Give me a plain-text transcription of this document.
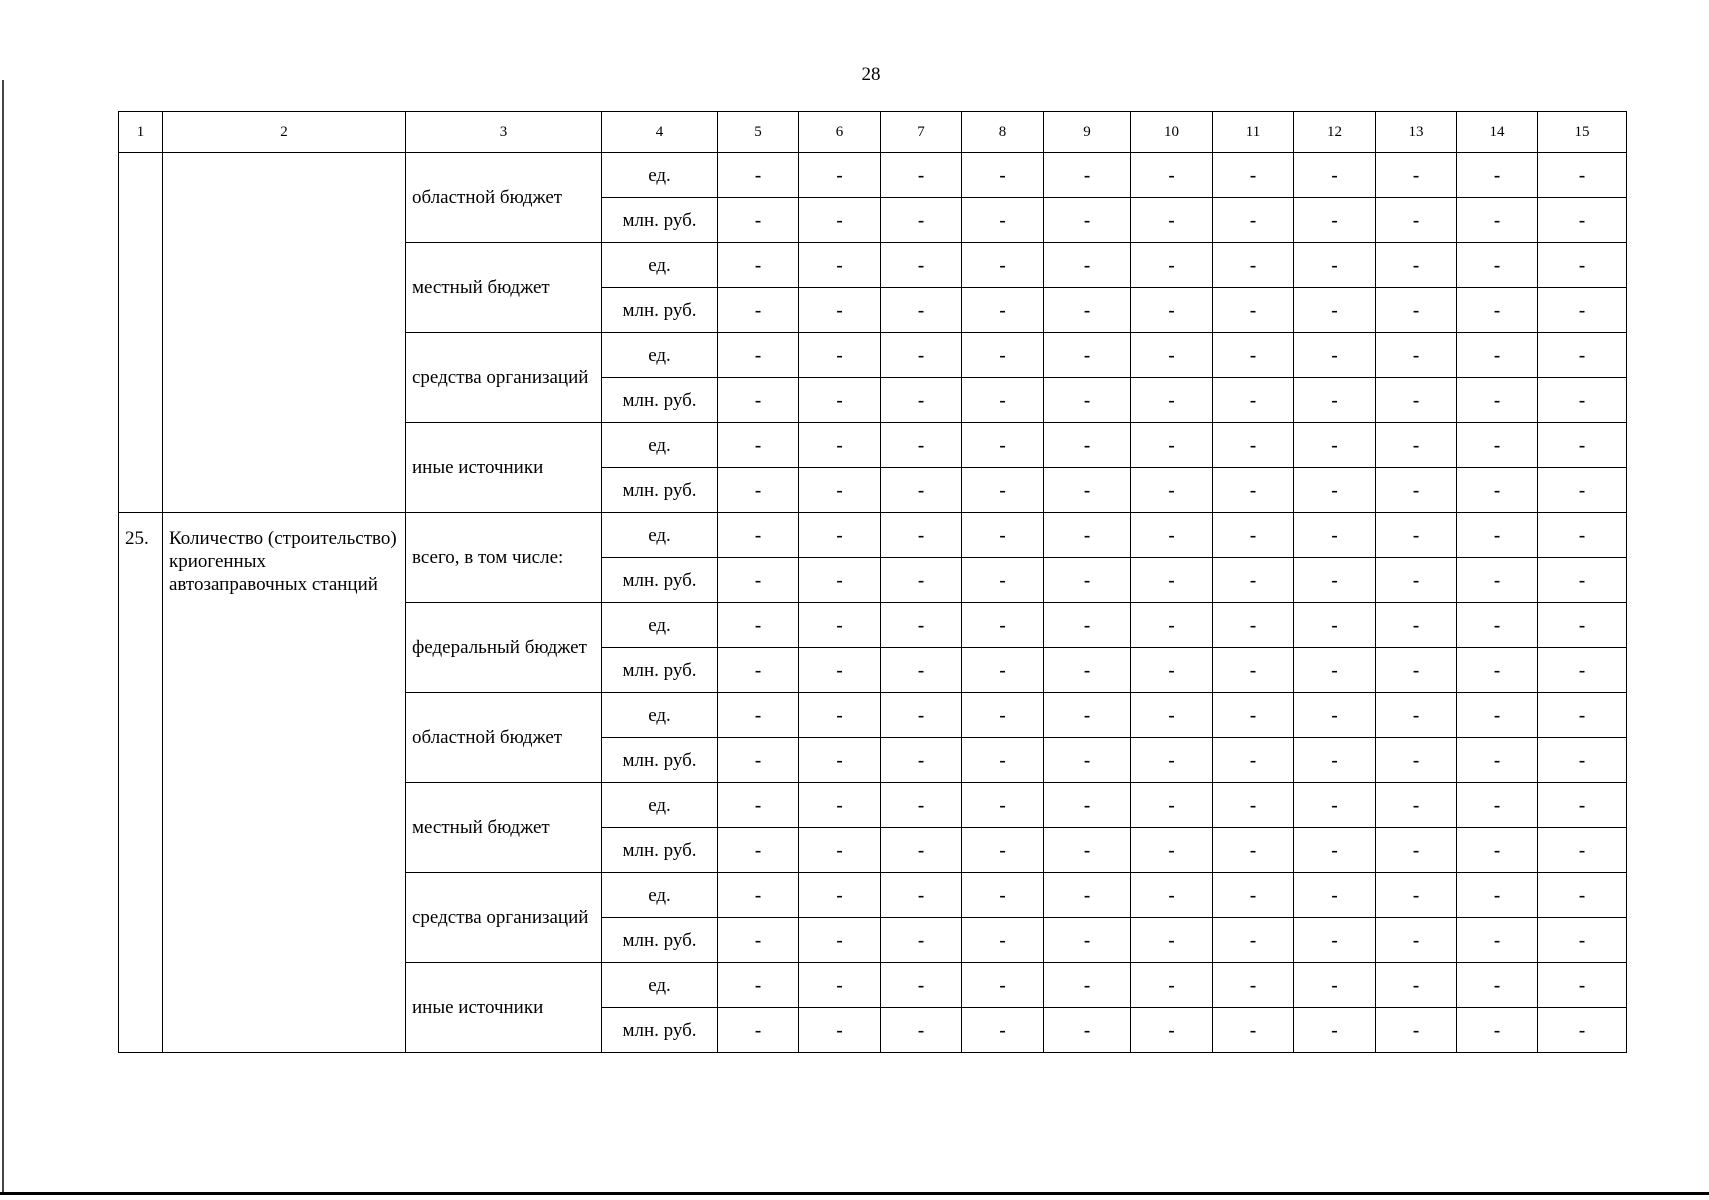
28
1	2	3	4	5	6	7	8	9	10	11	12	13	14	15
		областной бюджет	ед.	-	-	-	-	-	-	-	-	-	-	-
			млн. руб.	-	-	-	-	-	-	-	-	-	-	-
		местный бюджет	ед.	-	-	-	-	-	-	-	-	-	-	-
			млн. руб.	-	-	-	-	-	-	-	-	-	-	-
		средства организаций	ед.	-	-	-	-	-	-	-	-	-	-	-
			млн. руб.	-	-	-	-	-	-	-	-	-	-	-
		иные источники	ед.	-	-	-	-	-	-	-	-	-	-	-
			млн. руб.	-	-	-	-	-	-	-	-	-	-	-
25.	Количество (строительство) криогенных автозаправочных станций	всего, в том числе:	ед.	-	-	-	-	-	-	-	-	-	-	-
			млн. руб.	-	-	-	-	-	-	-	-	-	-	-
		федеральный бюджет	ед.	-	-	-	-	-	-	-	-	-	-	-
			млн. руб.	-	-	-	-	-	-	-	-	-	-	-
		областной бюджет	ед.	-	-	-	-	-	-	-	-	-	-	-
			млн. руб.	-	-	-	-	-	-	-	-	-	-	-
		местный бюджет	ед.	-	-	-	-	-	-	-	-	-	-	-
			млн. руб.	-	-	-	-	-	-	-	-	-	-	-
		средства организаций	ед.	-	-	-	-	-	-	-	-	-	-	-
			млн. руб.	-	-	-	-	-	-	-	-	-	-	-
		иные источники	ед.	-	-	-	-	-	-	-	-	-	-	-
			млн. руб.	-	-	-	-	-	-	-	-	-	-	-
